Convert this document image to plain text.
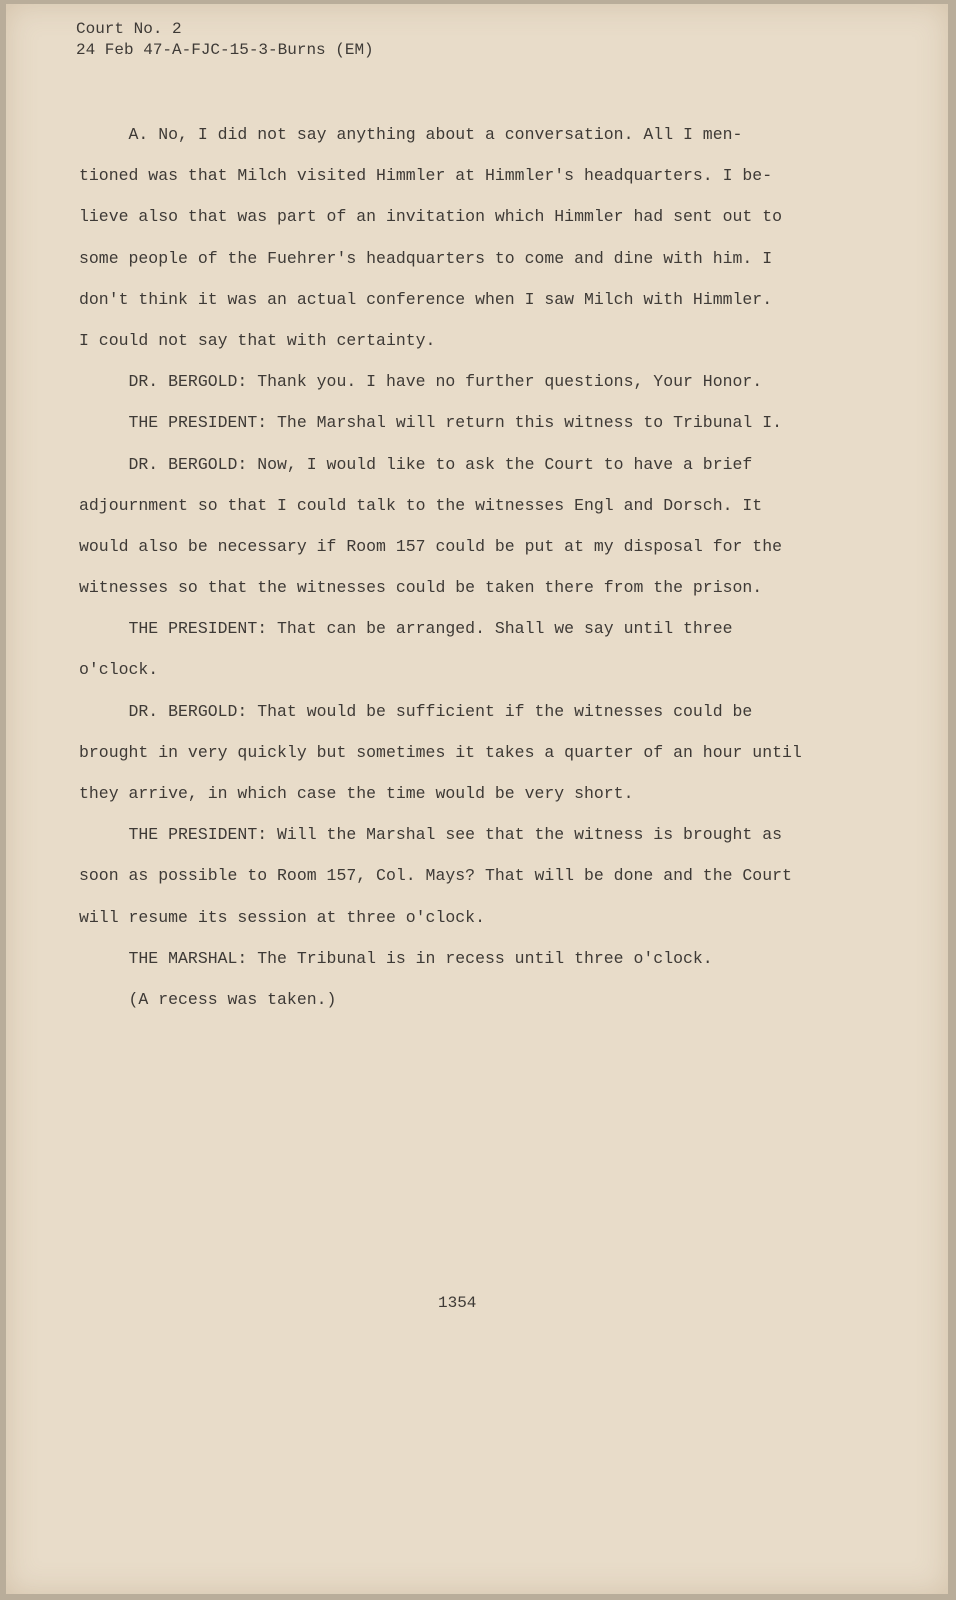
Court No. 2
24 Feb 47-A-FJC-15-3-Burns (EM)
A. No, I did not say anything about a conversation. All I men-
tioned was that Milch visited Himmler at Himmler's headquarters. I be-
lieve also that was part of an invitation which Himmler had sent out to
some people of the Fuehrer's headquarters to come and dine with him. I
don't think it was an actual conference when I saw Milch with Himmler.
I could not say that with certainty.
DR. BERGOLD: Thank you. I have no further questions, Your Honor.
THE PRESIDENT: The Marshal will return this witness to Tribunal I.
DR. BERGOLD: Now, I would like to ask the Court to have a brief
adjournment so that I could talk to the witnesses Engl and Dorsch. It
would also be necessary if Room 157 could be put at my disposal for the
witnesses so that the witnesses could be taken there from the prison.
THE PRESIDENT: That can be arranged. Shall we say until three
o'clock.
DR. BERGOLD: That would be sufficient if the witnesses could be
brought in very quickly but sometimes it takes a quarter of an hour until
they arrive, in which case the time would be very short.
THE PRESIDENT: Will the Marshal see that the witness is brought as
soon as possible to Room 157, Col. Mays? That will be done and the Court
will resume its session at three o'clock.
THE MARSHAL: The Tribunal is in recess until three o'clock.
(A recess was taken.)
1354
